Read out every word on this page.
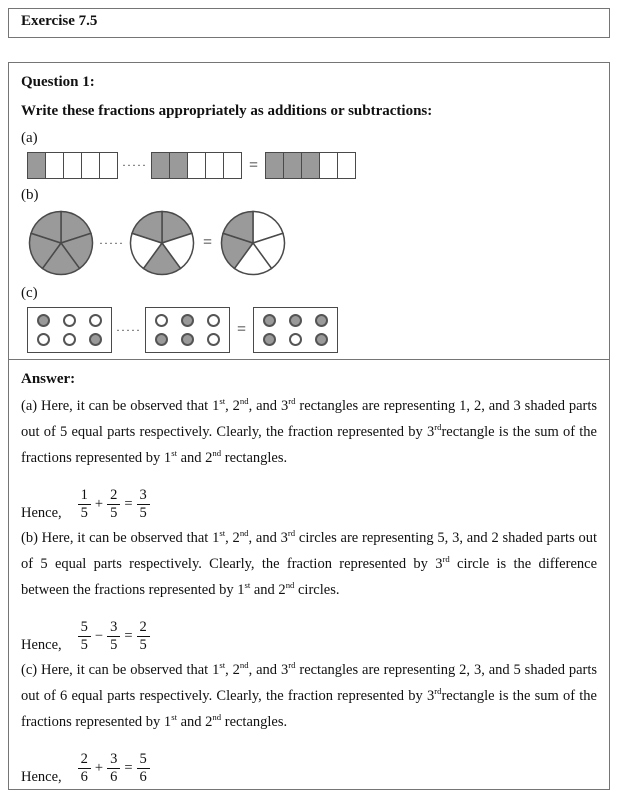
Exercise 7.5

Question 1:

Write these fractions appropriately as additions or subtractions:

(a)

·····	=

(b)

·····	=

(c)

·····	=

Answer:

(a) Here, it can be observed that 1st, 2nd, and 3rd rectangles are representing 1, 2, and 3 shaded parts out of 5 equal parts respectively. Clearly, the fraction represented by 3rdrectangle is the sum of the fractions represented by 1st and 2nd rectangles.

Hence, $\frac{1}{5} + \frac{2}{5} = \frac{3}{5}$

(b) Here, it can be observed that 1st, 2nd, and 3rd circles are representing 5, 3, and 2 shaded parts out of 5 equal parts respectively. Clearly, the fraction represented by 3rd circle is the difference between the fractions represented by 1st and 2nd circles.

Hence, $\frac{5}{5} - \frac{3}{5} = \frac{2}{5}$

(c) Here, it can be observed that 1st, 2nd, and 3rd rectangles are representing 2, 3, and 5 shaded parts out of 6 equal parts respectively. Clearly, the fraction represented by 3rdrectangle is the sum of the fractions represented by 1st and 2nd rectangles.

Hence, $\frac{2}{6} + \frac{3}{6} = \frac{5}{6}$
